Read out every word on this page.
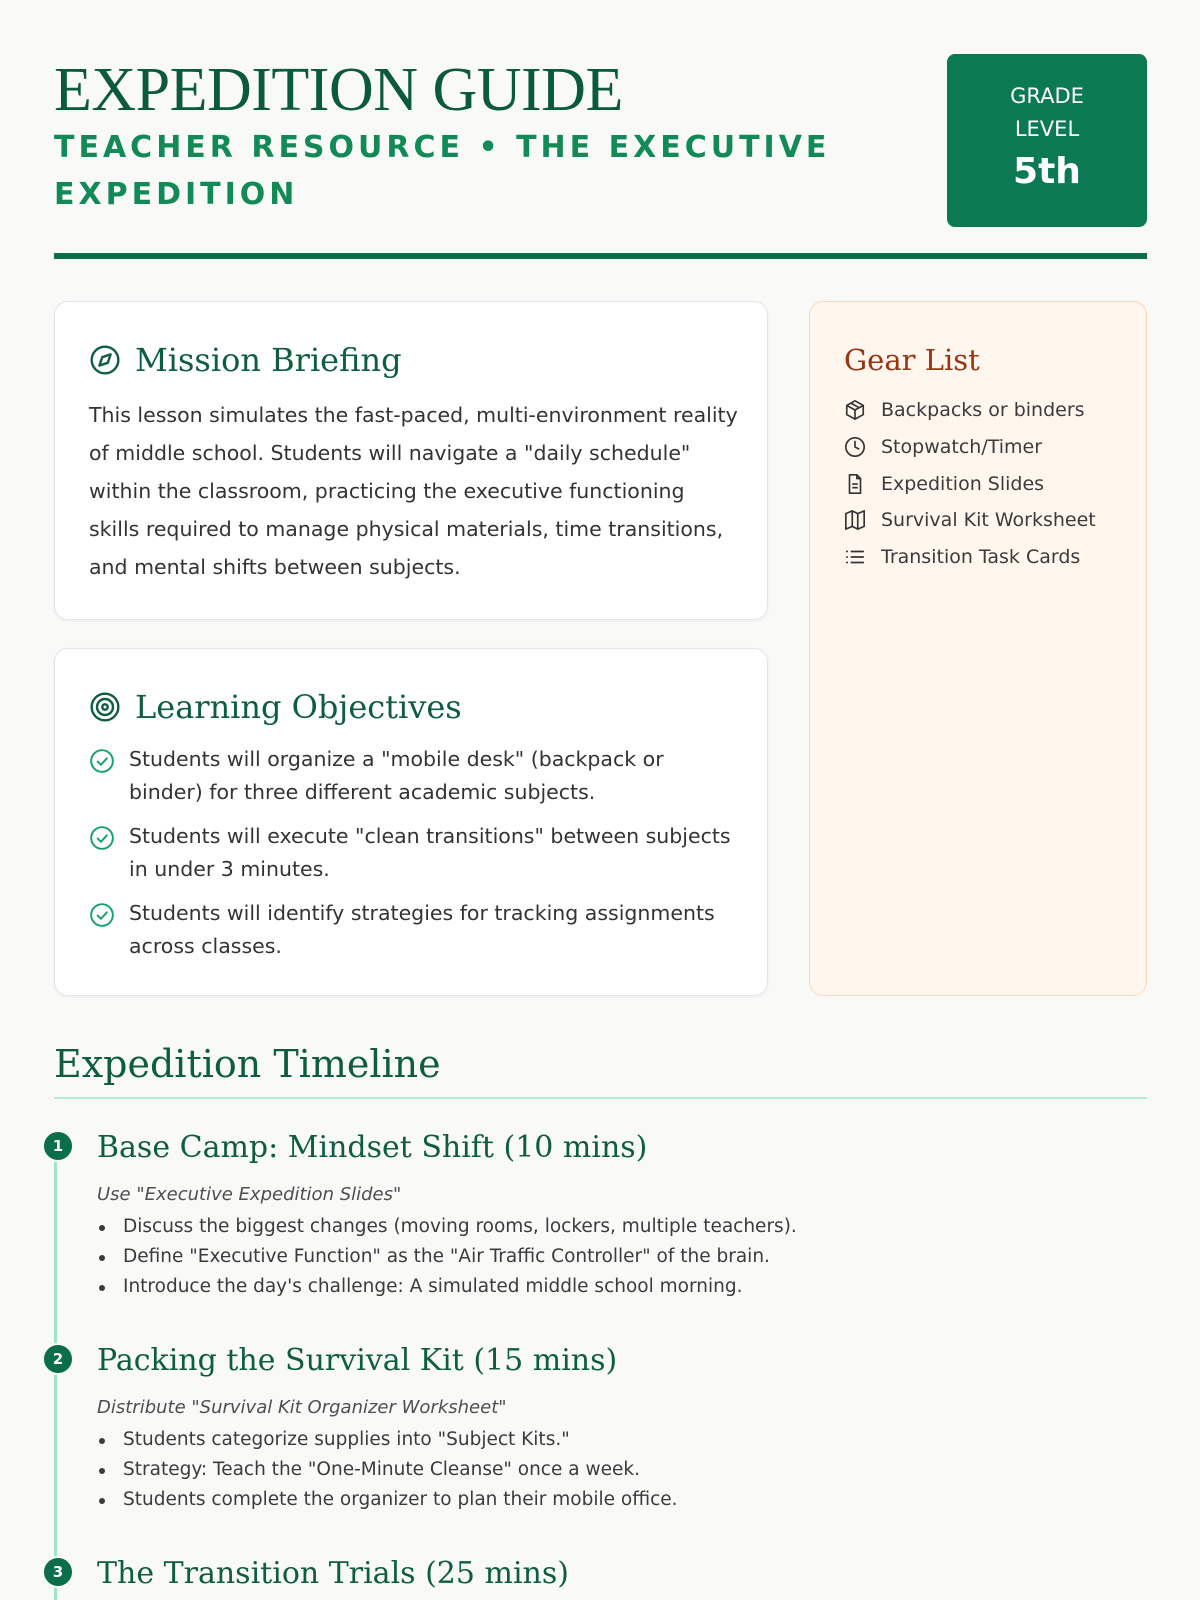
EXPEDITION GUIDE
TEACHER RESOURCE • THE EXECUTIVE EXPEDITION
GRADE LEVEL
5th
Mission Briefing
This lesson simulates the fast-paced, multi-environment reality of middle school. Students will navigate a "daily schedule" within the classroom, practicing the executive functioning skills required to manage physical materials, time transitions, and mental shifts between subjects.
Learning Objectives
Students will organize a "mobile desk" (backpack or binder) for three different academic subjects.
Students will execute "clean transitions" between subjects in under 3 minutes.
Students will identify strategies for tracking assignments across classes.
Gear List
Backpacks or binders
Stopwatch/Timer
Expedition Slides
Survival Kit Worksheet
Transition Task Cards
Expedition Timeline
1	Base Camp: Mindset Shift (10 mins)
Use "Executive Expedition Slides"
Discuss the biggest changes (moving rooms, lockers, multiple teachers).
Define "Executive Function" as the "Air Traffic Controller" of the brain.
Introduce the day's challenge: A simulated middle school morning.
2	Packing the Survival Kit (15 mins)
Distribute "Survival Kit Organizer Worksheet"
Students categorize supplies into "Subject Kits."
Strategy: Teach the "One-Minute Cleanse" once a week.
Students complete the organizer to plan their mobile office.
3	The Transition Trials (25 mins)
